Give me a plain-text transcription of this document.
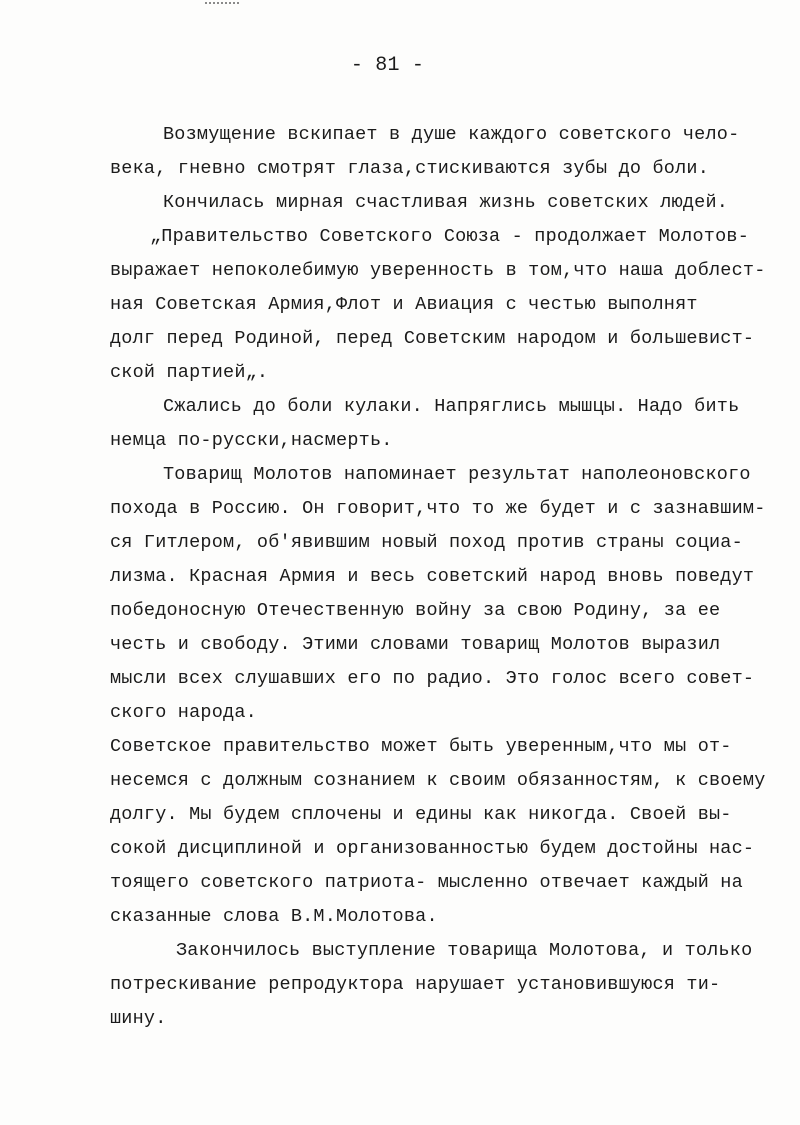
- 81 -
Возмущение вскипает в душе каждого советского чело-
века, гневно смотрят глаза,стискиваются зубы до боли.
Кончилась мирная счастливая жизнь советских людей.
„Правительство Советского Союза - продолжает Молотов-
выражает непоколебимую уверенность в том,что наша доблест-
ная Советская Армия,Флот и Авиация с честью выполнят
долг перед Родиной, перед Советским народом и большевист-
ской партией„.
Сжались до боли кулаки. Напряглись мышцы. Надо бить
немца по-русски,насмерть.
Товарищ Молотов напоминает результат наполеоновского
похода в Россию. Он говорит,что то же будет и с зазнавшим-
ся Гитлером, об'явившим новый поход против страны социа-
лизма. Красная Армия и весь советский народ вновь поведут
победоносную Отечественную войну за свою Родину, за ее
честь и свободу. Этими словами товарищ Молотов выразил
мысли всех слушавших его по радио. Это голос всего совет-
ского народа.
Советское правительство может быть уверенным,что мы от-
несемся с должным сознанием к своим обязанностям, к своему
долгу. Мы будем сплочены и едины как никогда. Своей вы-
сокой дисциплиной и организованностью будем достойны нас-
тоящего советского патриота- мысленно отвечает каждый на
сказанные слова В.М.Молотова.
Закончилось выступление товарища Молотова, и только
потрескивание репродуктора нарушает установившуюся ти-
шину.
